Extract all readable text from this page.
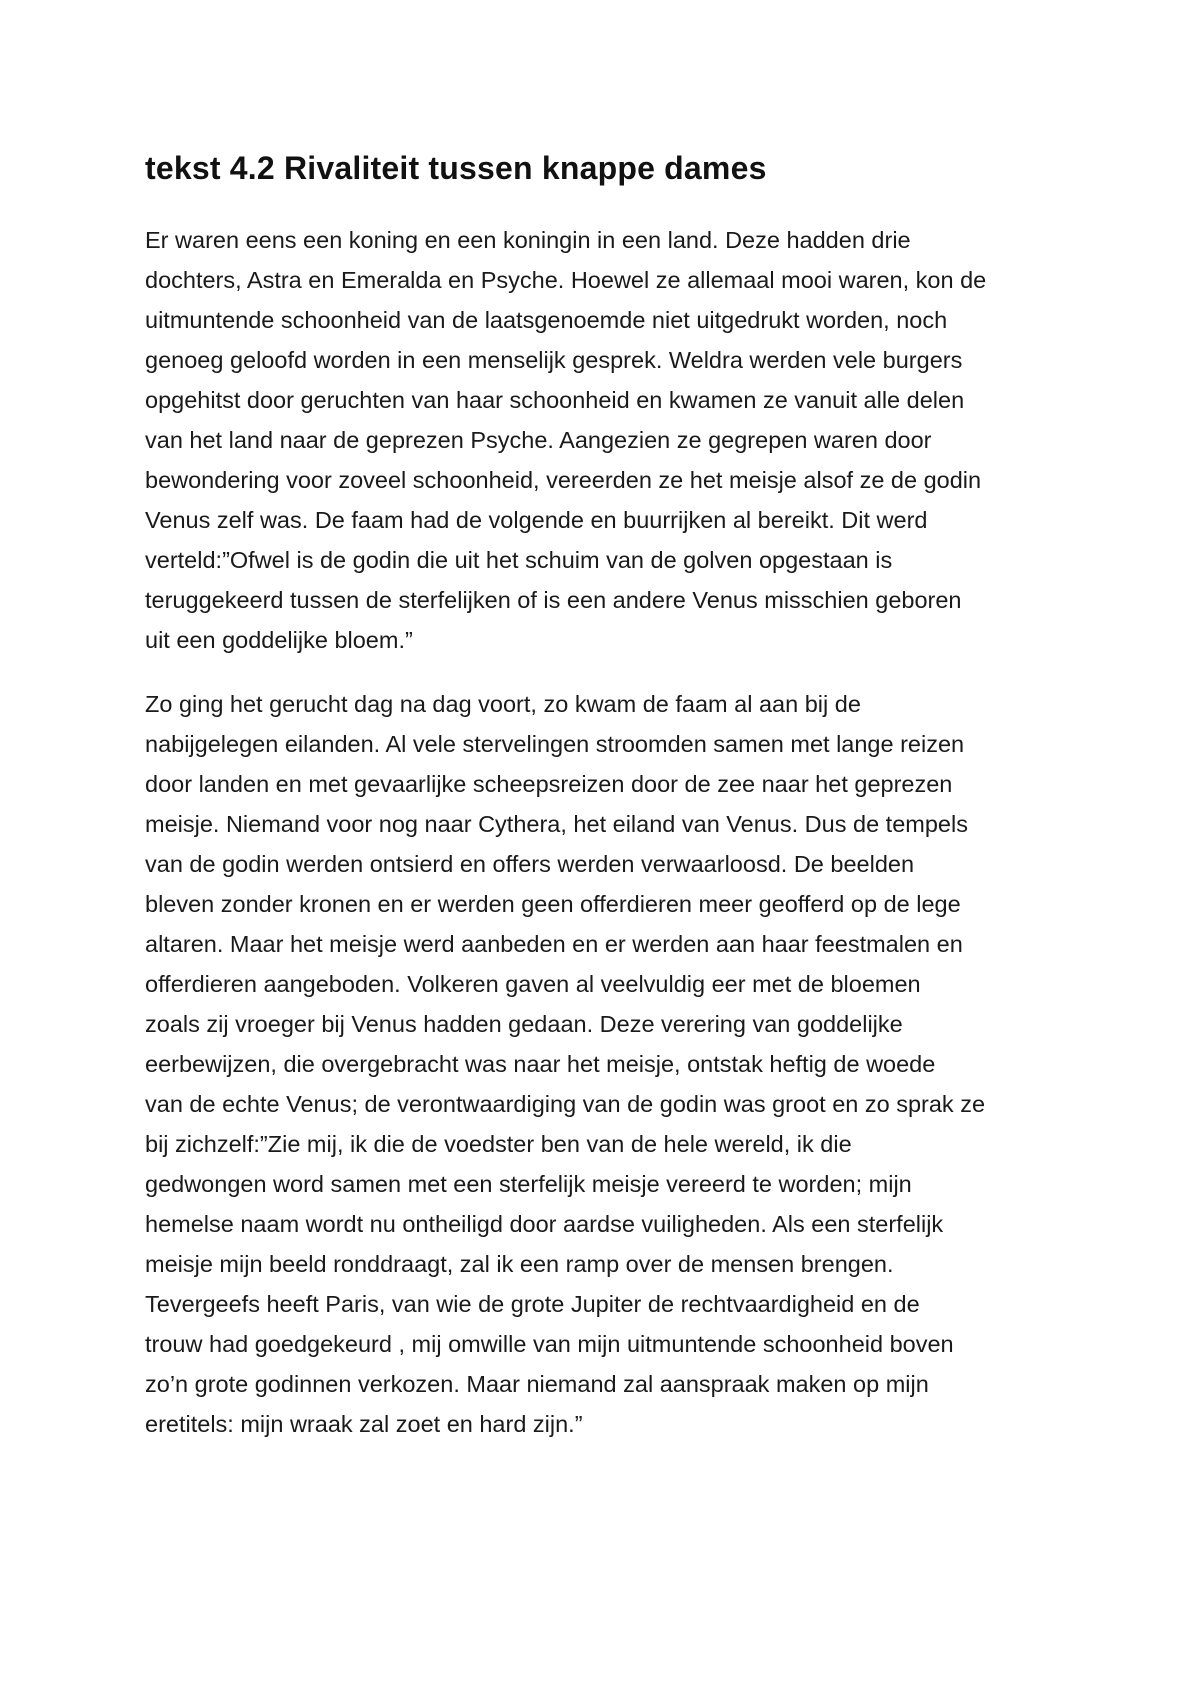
tekst 4.2 Rivaliteit tussen knappe dames

Er waren eens een koning en een koningin in een land. Deze hadden drie
dochters, Astra en Emeralda en Psyche. Hoewel ze allemaal mooi waren, kon de
uitmuntende schoonheid van de laatsgenoemde niet uitgedrukt worden, noch
genoeg geloofd worden in een menselijk gesprek. Weldra werden vele burgers
opgehitst door geruchten van haar schoonheid en kwamen ze vanuit alle delen
van het land naar de geprezen Psyche. Aangezien ze gegrepen waren door
bewondering voor zoveel schoonheid, vereerden ze het meisje alsof ze de godin
Venus zelf was. De faam had de volgende en buurrijken al bereikt. Dit werd
verteld:”Ofwel is de godin die uit het schuim van de golven opgestaan is
teruggekeerd tussen de sterfelijken of is een andere Venus misschien geboren
uit een goddelijke bloem.”

Zo ging het gerucht dag na dag voort, zo kwam de faam al aan bij de
nabijgelegen eilanden. Al vele stervelingen stroomden samen met lange reizen
door landen en met gevaarlijke scheepsreizen door de zee naar het geprezen
meisje. Niemand voor nog naar Cythera, het eiland van Venus. Dus de tempels
van de godin werden ontsierd en offers werden verwaarloosd. De beelden
bleven zonder kronen en er werden geen offerdieren meer geofferd op de lege
altaren. Maar het meisje werd aanbeden en er werden aan haar feestmalen en
offerdieren aangeboden. Volkeren gaven al veelvuldig eer met de bloemen
zoals zij vroeger bij Venus hadden gedaan. Deze verering van goddelijke
eerbewijzen, die overgebracht was naar het meisje, ontstak heftig de woede
van de echte Venus; de verontwaardiging van de godin was groot en zo sprak ze
bij zichzelf:”Zie mij, ik die de voedster ben van de hele wereld, ik die
gedwongen word samen met een sterfelijk meisje vereerd te worden; mijn
hemelse naam wordt nu ontheiligd door aardse vuiligheden. Als een sterfelijk
meisje mijn beeld ronddraagt, zal ik een ramp over de mensen brengen.
Tevergeefs heeft Paris, van wie de grote Jupiter de rechtvaardigheid en de
trouw had goedgekeurd , mij omwille van mijn uitmuntende schoonheid boven
zo’n grote godinnen verkozen. Maar niemand zal aanspraak maken op mijn
eretitels: mijn wraak zal zoet en hard zijn.”
